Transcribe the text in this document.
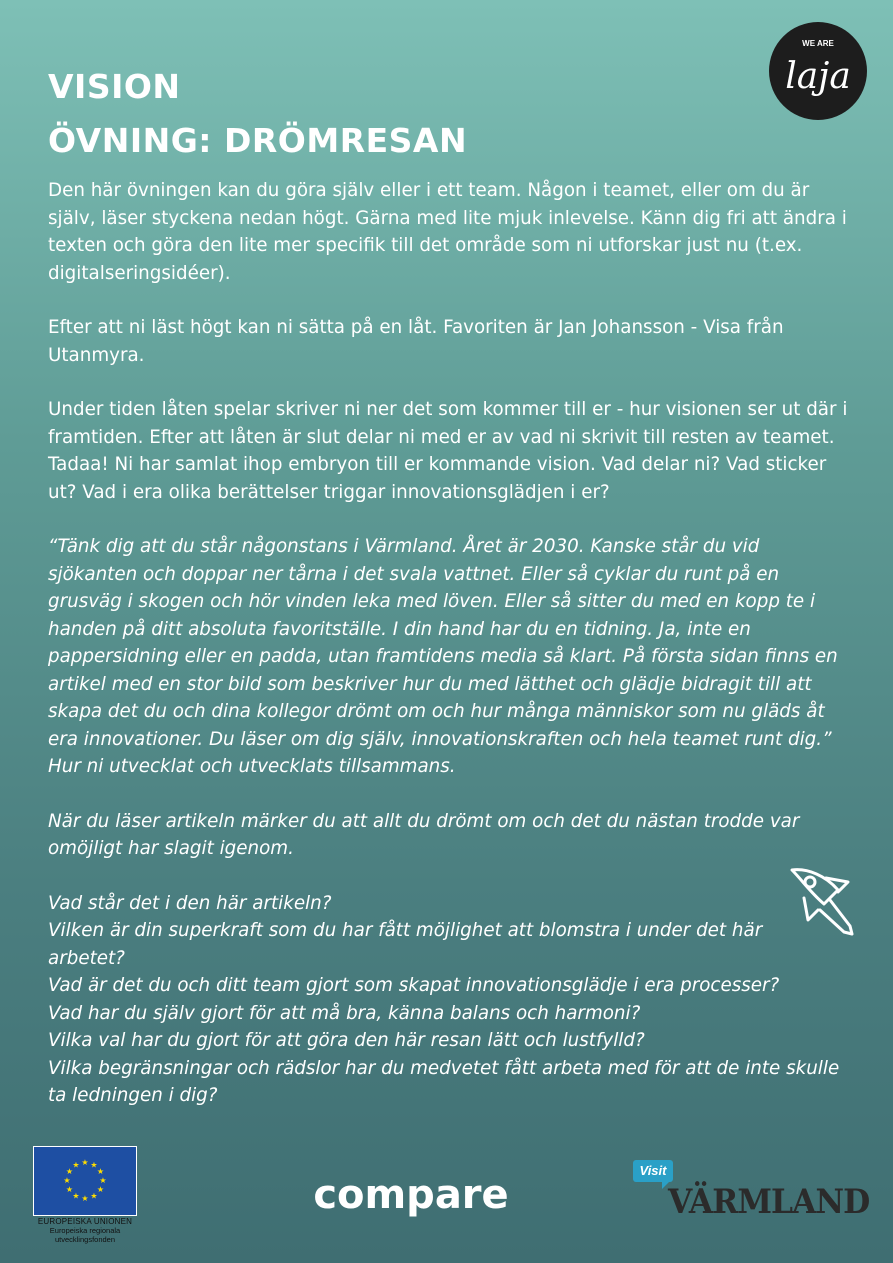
VISION
ÖVNING: DRÖMRESAN
WE ARE
laja

Den här övningen kan du göra själv eller i ett team. Någon i teamet, eller om du är själv, läser styckena nedan högt. Gärna med lite mjuk inlevelse. Känn dig fri att ändra i texten och göra den lite mer specifik till det område som ni utforskar just nu (t.ex. digitalseringsidéer).

Efter att ni läst högt kan ni sätta på en låt. Favoriten är Jan Johansson - Visa från Utanmyra.

Under tiden låten spelar skriver ni ner det som kommer till er - hur visionen ser ut där i framtiden. Efter att låten är slut delar ni med er av vad ni skrivit till resten av teamet. Tadaa! Ni har samlat ihop embryon till er kommande vision. Vad delar ni? Vad sticker ut? Vad i era olika berättelser triggar innovationsglädjen i er?

“Tänk dig att du står någonstans i Värmland. Året är 2030. Kanske står du vid sjökanten och doppar ner tårna i det svala vattnet. Eller så cyklar du runt på en grusväg i skogen och hör vinden leka med löven. Eller så sitter du med en kopp te i handen på ditt absoluta favoritställe. I din hand har du en tidning. Ja, inte en pappersidning eller en padda, utan framtidens media så klart. På första sidan finns en artikel med en stor bild som beskriver hur du med lätthet och glädje bidragit till att skapa det du och dina kollegor drömt om och hur många människor som nu gläds åt era innovationer. Du läser om dig själv, innovationskraften och hela teamet runt dig.” Hur ni utvecklat och utvecklats tillsammans.

När du läser artikeln märker du att allt du drömt om och det du nästan trodde var omöjligt har slagit igenom.

Vad står det i den här artikeln?

Vilken är din superkraft som du har fått möjlighet att blomstra i under det här arbetet?

Vad är det du och ditt team gjort som skapat innovationsglädje i era processer?

Vad har du själv gjort för att må bra, känna balans och harmoni?

Vilka val har du gjort för att göra den här resan lätt och lustfylld?

Vilka begränsningar och rädslor har du medvetet fått arbeta med för att de inte skulle ta ledningen i dig?

★ ★
★
★
★
★
★
★
★
★
★
★
EUROPEISKA UNIONEN
Europeiska regionala
utvecklingsfonden
compare
Visit
VÄRMLAND
